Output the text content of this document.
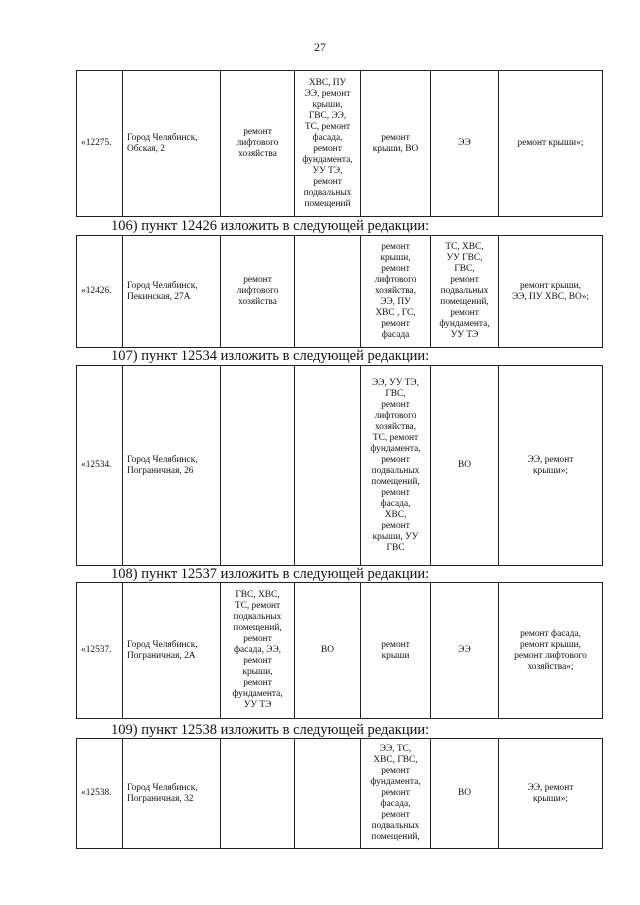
27
«12275.	Город Челябинск,
Обская, 2	ремонт
лифтового
хозяйства	ХВС, ПУ
ЭЭ, ремонт
крыши,
ГВС, ЭЭ,
ТС, ремонт
фасада,
ремонт
фундамента,
УУ ТЭ,
ремонт
подвальных
помещений	ремонт
крыши, ВО	ЭЭ	ремонт крыши»;
106) пункт 12426 изложить в следующей редакции:
«12426.	Город Челябинск,
Пекинская, 27А	ремонт
лифтового
хозяйства		ремонт
крыши,
ремонт
лифтового
хозяйства,
ЭЭ, ПУ
ХВС , ГС,
ремонт
фасада	ТС, ХВС,
УУ ГВС,
ГВС,
ремонт
подвальных
помещений,
ремонт
фундамента,
УУ ТЭ	ремонт крыши,
ЭЭ, ПУ ХВС, ВО»;
107) пункт 12534 изложить в следующей редакции:
«12534.	Город Челябинск,
Пограничная, 26			ЭЭ, УУ ТЭ,
ГВС,
ремонт
лифтового
хозяйства,
ТС, ремонт
фундамента,
ремонт
подвальных
помещений,
ремонт
фасада,
ХВС,
ремонт
крыши, УУ
ГВС	ВО	ЭЭ, ремонт
крыши»;
108) пункт 12537 изложить в следующей редакции:
«12537.	Город Челябинск,
Пограничная, 2А	ГВС, ХВС,
ТС, ремонт
подвальных
помещений,
ремонт
фасада, ЭЭ,
ремонт
крыши,
ремонт
фундамента,
УУ ТЭ	ВО	ремонт
крыши	ЭЭ	ремонт фасада,
ремонт крыши,
ремонт лифтового
хозяйства»;
109) пункт 12538 изложить в следующей редакции:
«12538.	Город Челябинск,
Пограничная, 32			ЭЭ, ТС,
ХВС, ГВС,
ремонт
фундамента,
ремонт
фасада,
ремонт
подвальных
помещений,	ВО	ЭЭ, ремонт
крыши»;
